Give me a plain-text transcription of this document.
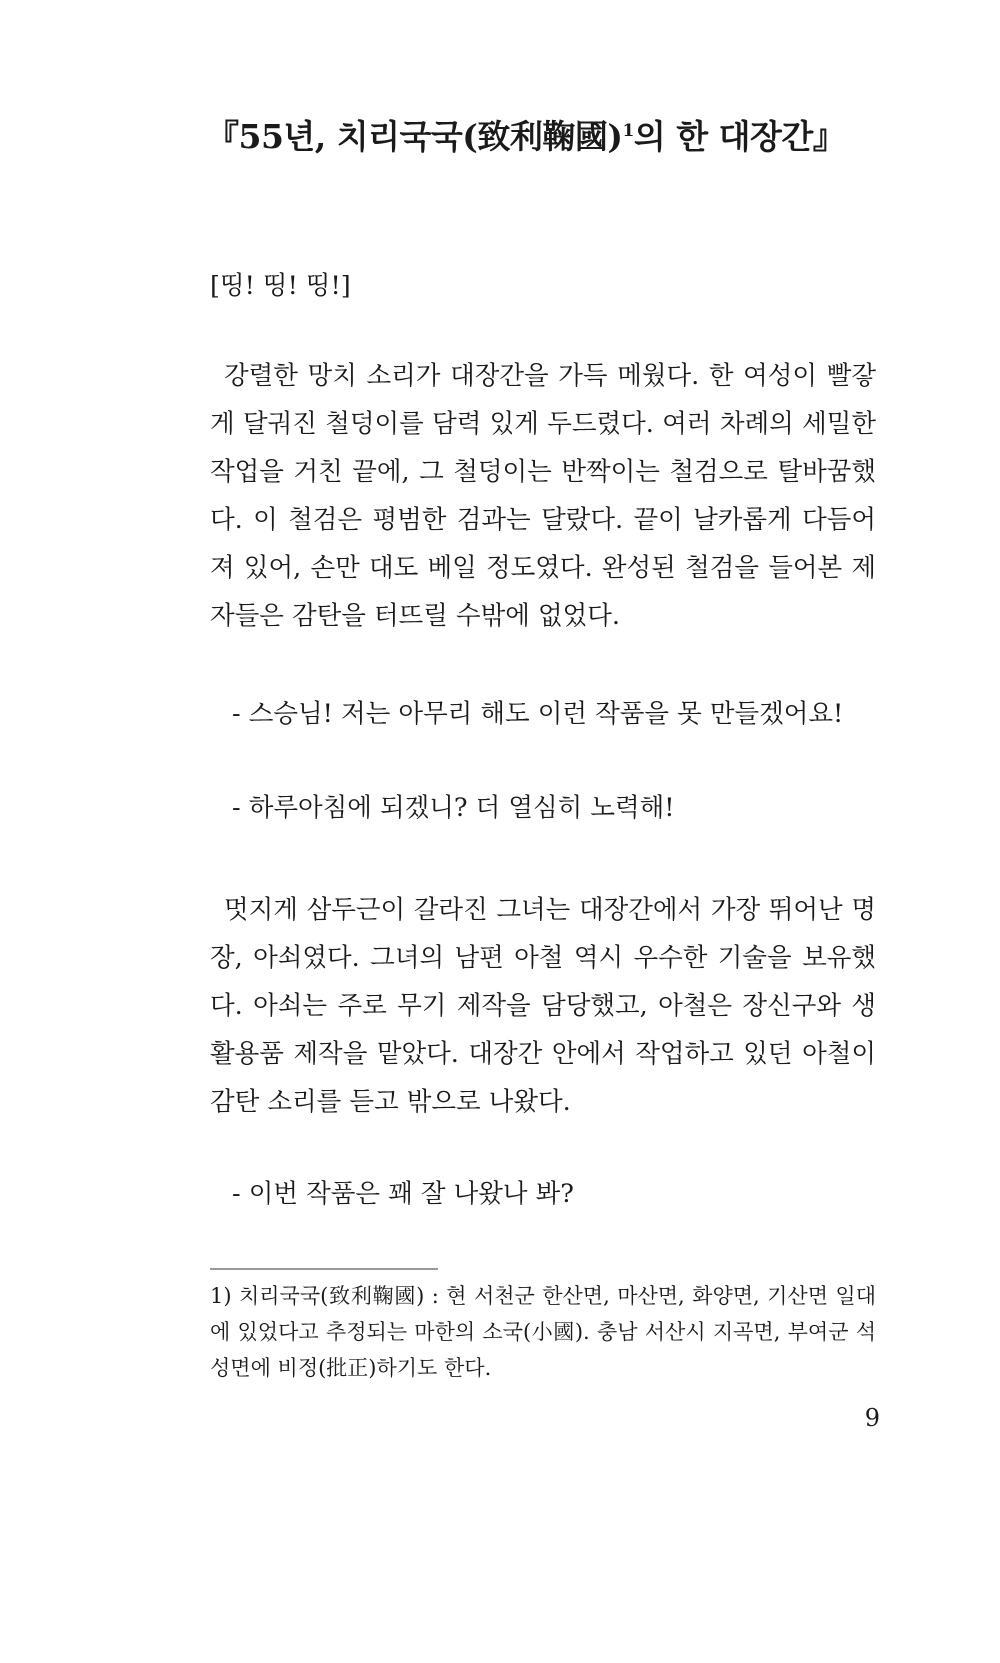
『55년, 치리국국(致利鞠國)$^1$의 한 대장간』

[띵! 띵! 띵!]

강렬한 망치 소리가 대장간을 가득 메웠다. 한 여성이 빨갛게 달궈진 철덩이를 담력 있게 두드렸다. 여러 차례의 세밀한 작업을 거친 끝에, 그 철덩이는 반짝이는 철검으로 탈바꿈했다. 이 철검은 평범한 검과는 달랐다. 끝이 날카롭게 다듬어져 있어, 손만 대도 베일 정도였다. 완성된 철검을 들어본 제자들은 감탄을 터뜨릴 수밖에 없었다.

- 스승님! 저는 아무리 해도 이런 작품을 못 만들겠어요!

- 하루아침에 되겠니? 더 열심히 노력해!

멋지게 삼두근이 갈라진 그녀는 대장간에서 가장 뛰어난 명장, 아쇠였다. 그녀의 남편 아철 역시 우수한 기술을 보유했다. 아쇠는 주로 무기 제작을 담당했고, 아철은 장신구와 생활용품 제작을 맡았다. 대장간 안에서 작업하고 있던 아철이 감탄 소리를 듣고 밖으로 나왔다.

- 이번 작품은 꽤 잘 나왔나 봐?

1) 치리국국(致利鞠國) : 현 서천군 한산면, 마산면, 화양면, 기산면 일대에 있었다고 추정되는 마한의 소국(小國). 충남 서산시 지곡면, 부여군 석성면에 비정(批正)하기도 한다.

9
